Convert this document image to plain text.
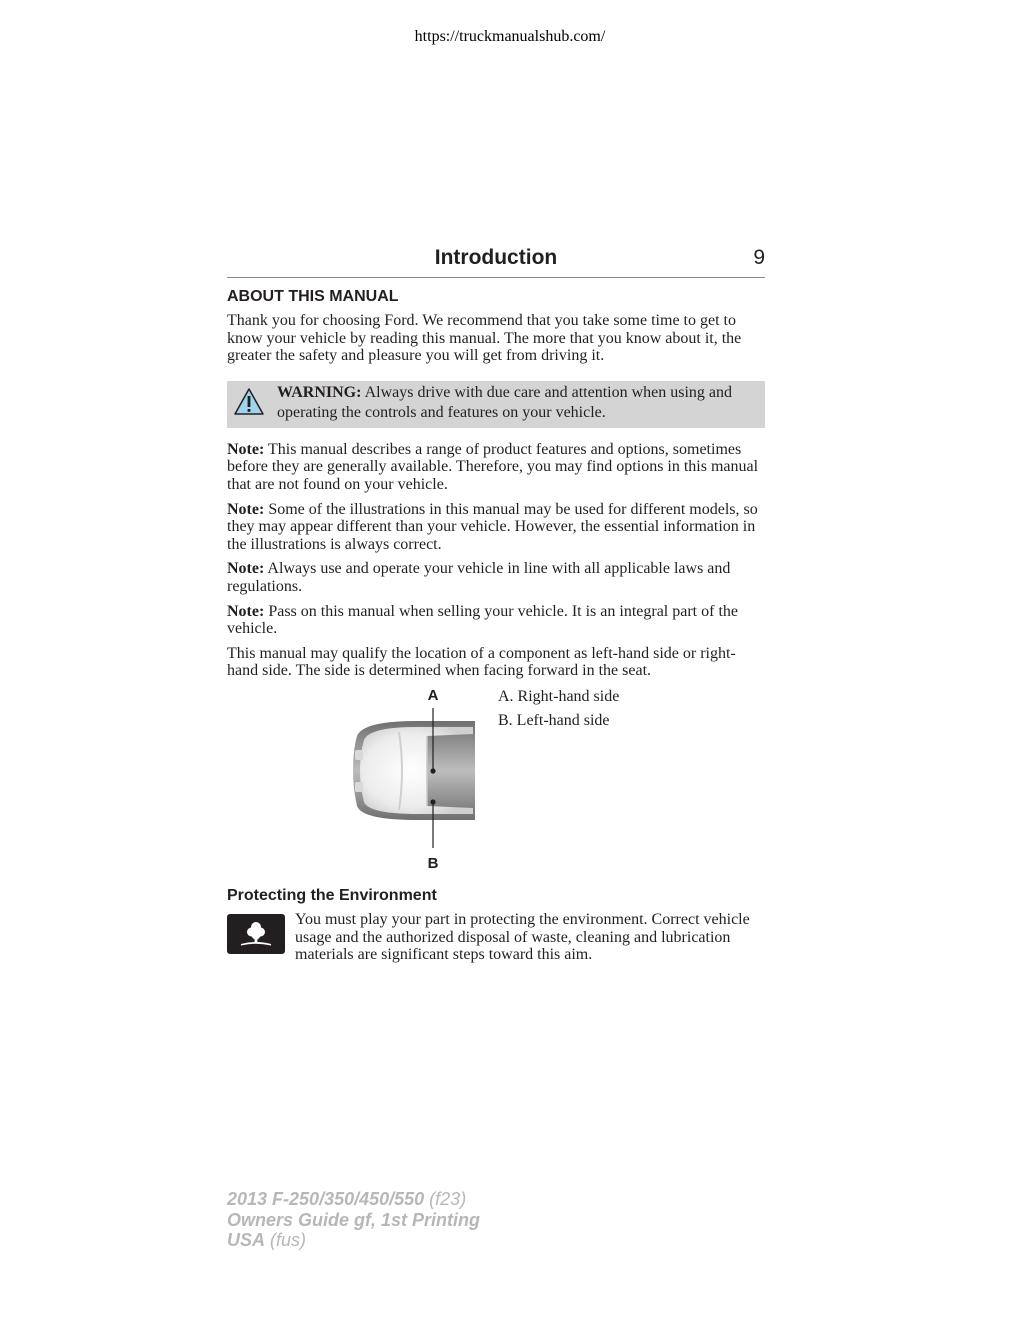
https://truckmanualshub.com/
Introduction	9
ABOUT THIS MANUAL

Thank you for choosing Ford. We recommend that you take some time to get to know your vehicle by reading this manual. The more that you know about it, the greater the safety and pleasure you will get from driving it.

WARNING: Always drive with due care and attention when using and operating the controls and features on your vehicle.

Note: This manual describes a range of product features and options, sometimes before they are generally available. Therefore, you may find options in this manual that are not found on your vehicle.

Note: Some of the illustrations in this manual may be used for different models, so they may appear different than your vehicle. However, the essential information in the illustrations is always correct.

Note: Always use and operate your vehicle in line with all applicable laws and regulations.

Note: Pass on this manual when selling your vehicle. It is an integral part of the vehicle.

This manual may qualify the location of a component as left-hand side or right-hand side. The side is determined when facing forward in the seat.

A
B
A. Right-hand side
B. Left-hand side
Protecting the Environment

You must play your part in protecting the environment. Correct vehicle usage and the authorized disposal of waste, cleaning and lubrication materials are significant steps toward this aim.

2013 F-250/350/450/550 (f23)
Owners Guide gf, 1st Printing
USA (fus)
